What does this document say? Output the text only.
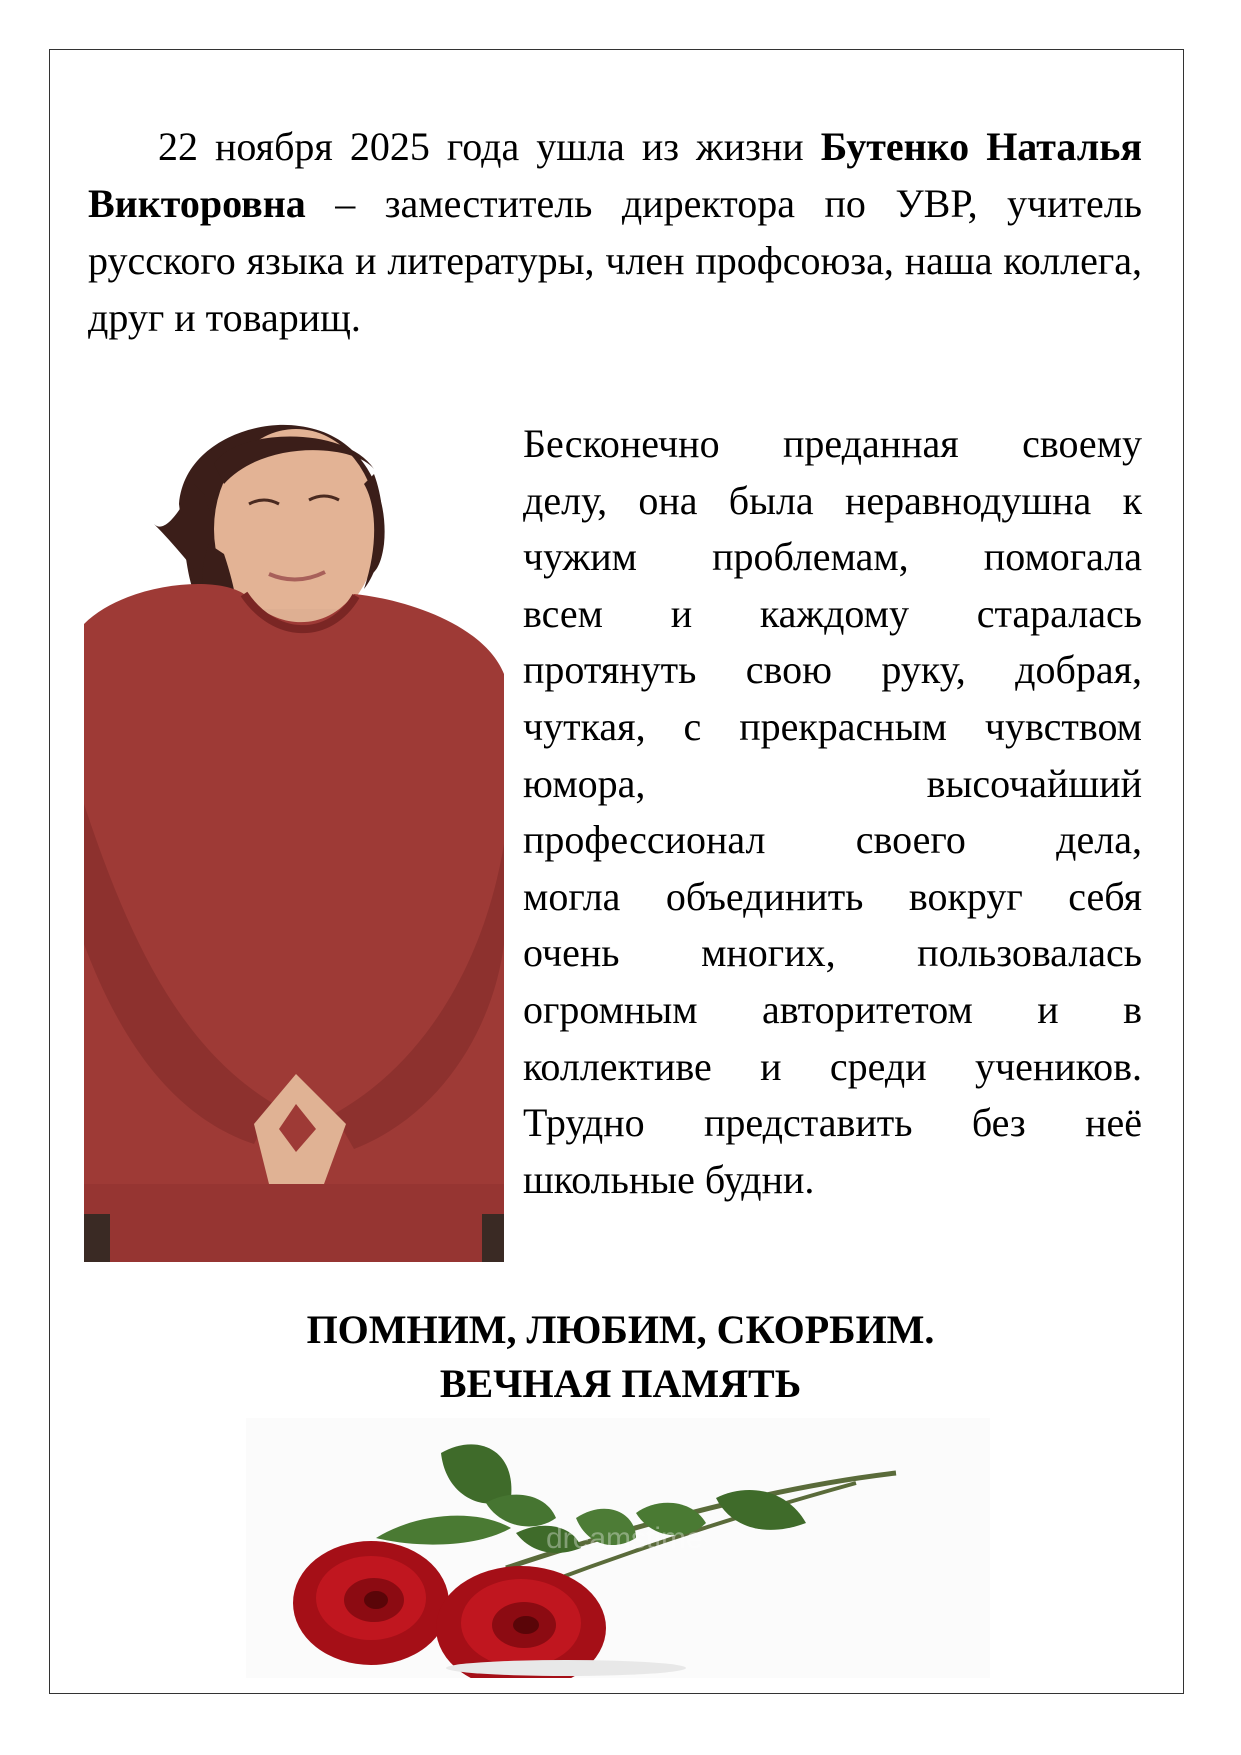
22 ноября 2025 года ушла из жизни Бутенко Наталья Викторовна – заместитель директора по УВР, учитель русского языка и литературы, член профсоюза, наша коллега, друг и товарищ.

Бесконечно преданная своему
делу, она была неравнодушна к
чужим проблемам, помогала
всем и каждому старалась
протянуть свою руку, добрая,
чуткая, с прекрасным чувством
юмора, высочайший
профессионал своего дела,
могла объединить вокруг себя
очень многих, пользовалась
огромным авторитетом и в
коллективе и среди учеников.
Трудно представить без неё
школьные будни.
ПОМНИМ, ЛЮБИМ, СКОРБИМ.
ВЕЧНАЯ ПАМЯТЬ
dreamstime
